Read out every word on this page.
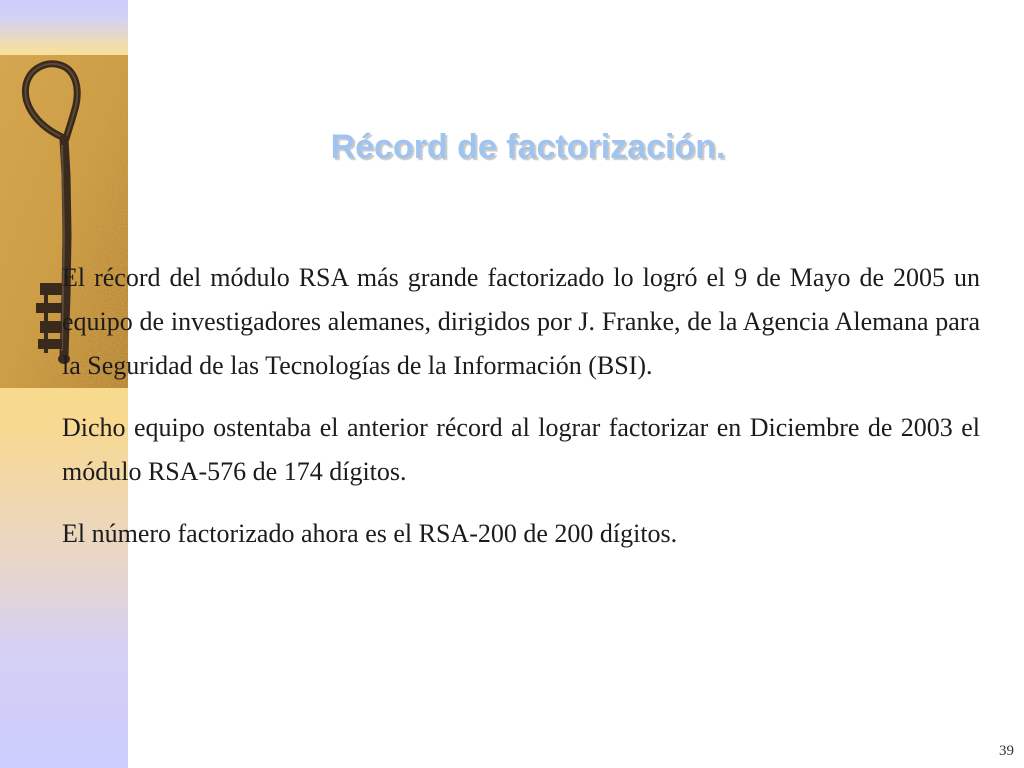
Récord de factorización.

El récord del módulo RSA más grande factorizado lo logró el 9 de Mayo de 2005 un equipo de investigadores alemanes, dirigidos por J. Franke, de la Agencia Alemana para la Seguridad de las Tecnologías de la Información (BSI).

Dicho equipo ostentaba el anterior récord al lograr factorizar en Diciembre de 2003 el módulo RSA-576 de 174 dígitos.

El número factorizado ahora es el RSA-200 de 200 dígitos.

39
